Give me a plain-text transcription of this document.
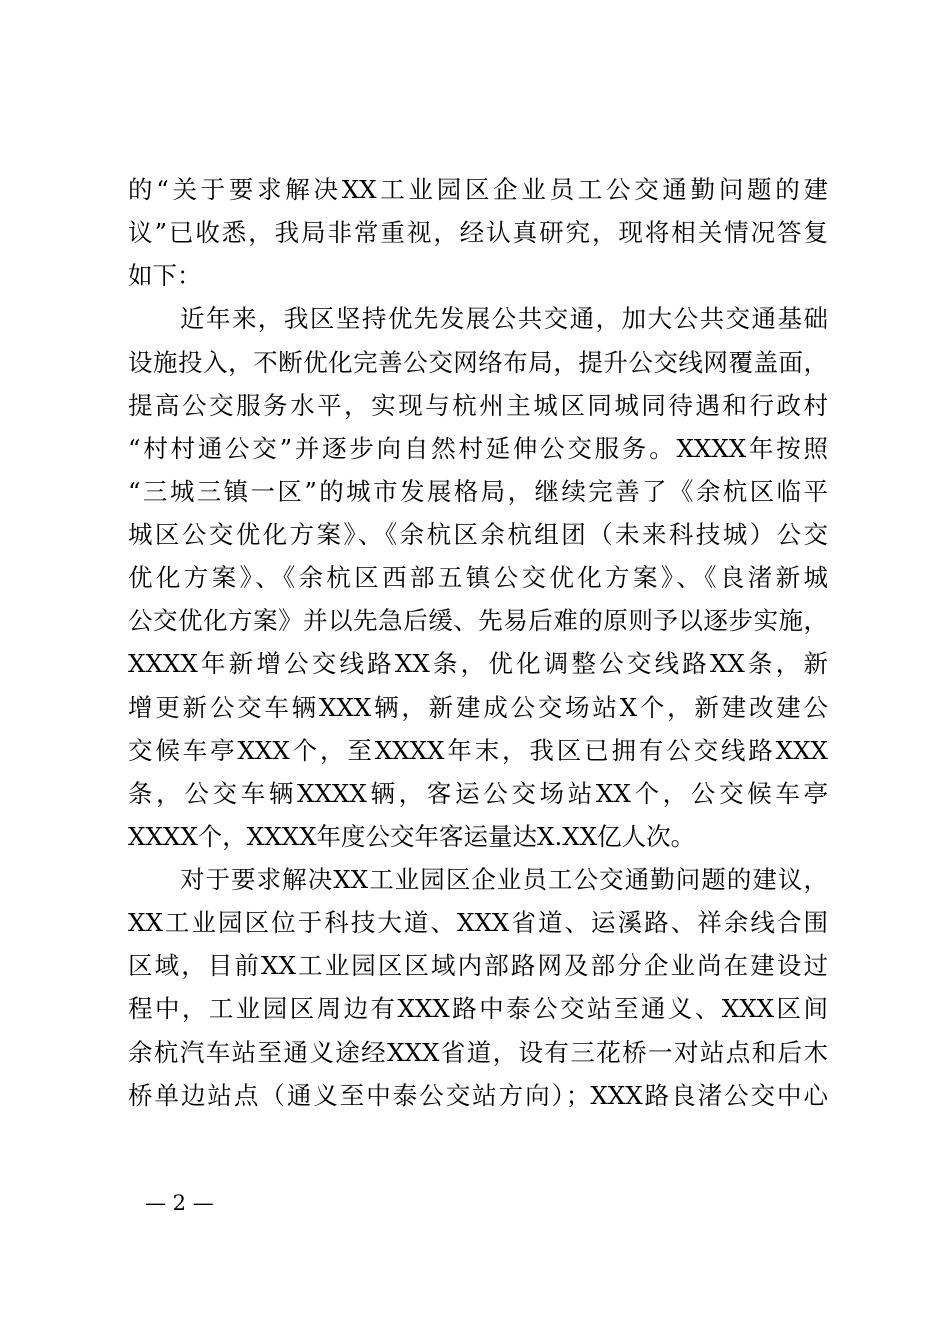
的“关于要求解决XX工业园区企业员工公交通勤问题的建
议”已收悉，我局非常重视，经认真研究，现将相关情况答复
如下：
近年来，我区坚持优先发展公共交通，加大公共交通基础
设施投入，不断优化完善公交网络布局，提升公交线网覆盖面，
提高公交服务水平，实现与杭州主城区同城同待遇和行政村
“村村通公交”并逐步向自然村延伸公交服务。XXXX年按照
“三城三镇一区”的城市发展格局，继续完善了《余杭区临平
城区公交优化方案》、《余杭区余杭组团（未来科技城）公交
优化方案》、《余杭区西部五镇公交优化方案》、《良渚新城
公交优化方案》并以先急后缓、先易后难的原则予以逐步实施，
XXXX年新增公交线路XX条，优化调整公交线路XX条，新
增更新公交车辆XXX辆，新建成公交场站X个，新建改建公
交候车亭XXX个，至XXXX年末，我区已拥有公交线路XXX
条，公交车辆XXXX辆，客运公交场站XX个，公交候车亭
XXXX个，XXXX年度公交年客运量达X.XX亿人次。
对于要求解决XX工业园区企业员工公交通勤问题的建议，
XX工业园区位于科技大道、XXX省道、运溪路、祥余线合围
区域，目前XX工业园区区域内部路网及部分企业尚在建设过
程中，工业园区周边有XXX路中泰公交站至通义、XXX区间
余杭汽车站至通义途经XXX省道，设有三花桥一对站点和后木
桥单边站点（通义至中泰公交站方向）；XXX路良渚公交中心
— 2 —
